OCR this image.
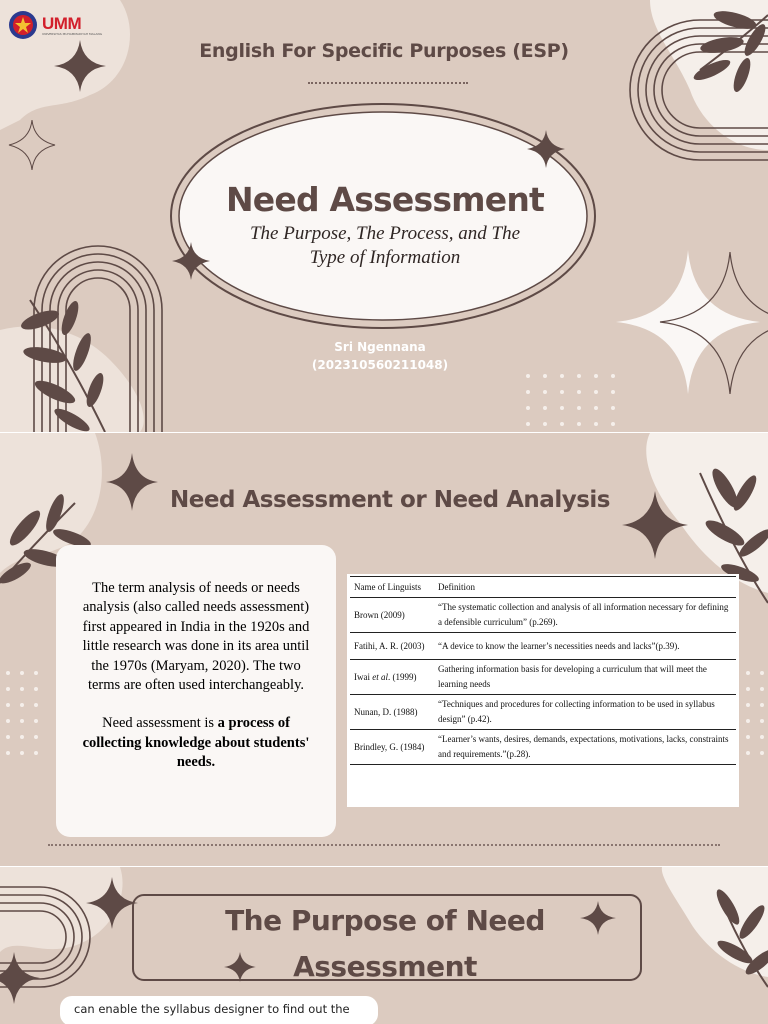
UMM
UNIVERSITAS MUHAMMADIYAH MALANG
English For Specific Purposes (ESP)
Need Assessment
The Purpose, The Process, and The
Type of Information
Sri Ngennana
(202310560211048)
Need Assessment or Need Analysis

The term analysis of needs or needs analysis (also called needs assessment) first appeared in India in the 1920s and little research was done in its area until the 1970s (Maryam, 2020). The two terms are often used interchangeably.

Need assessment is a process of collecting knowledge about students' needs.

Name of Linguists	Definition
Brown (2009)	“The systematic collection and analysis of all information necessary for defining a defensible curriculum” (p.269).
Fatihi, A. R. (2003)	“A device to know the learner’s necessities needs and lacks”(p.39).
Iwai et al. (1999)	Gathering information basis for developing a curriculum that will meet the learning needs
Nunan, D. (1988)	“Techniques and procedures for collecting information to be used in syllabus design” (p.42).
Brindley, G. (1984)	“Learner’s wants, desires, demands, expectations, motivations, lacks, constraints and requirements.”(p.28).
The Purpose of Need
Assessment
can enable the syllabus designer to find out the
